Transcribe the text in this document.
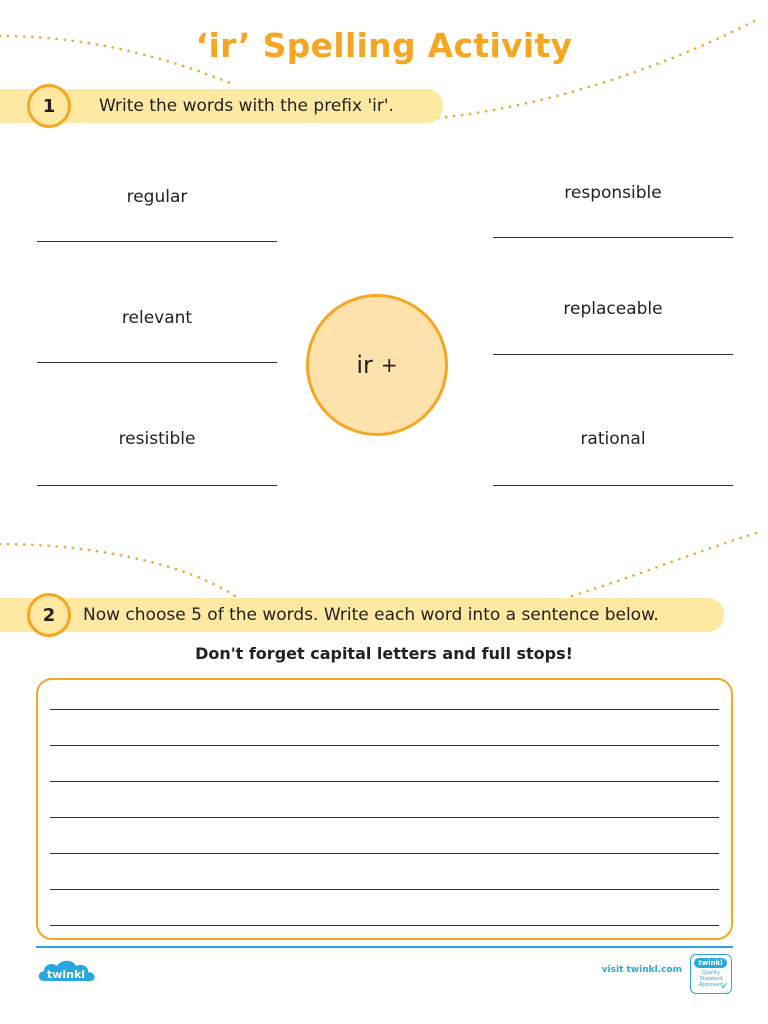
‘ir’ Spelling Activity
Write the words with the prefix 'ir'.
1
regular
relevant
resistible
responsible
replaceable
rational
ir +
Now choose 5 of the words. Write each word into a sentence below.
2
Don't forget capital letters and full stops!
twinkl	visit twinkl.com
twinkl
Quality Standard Approved
✓
